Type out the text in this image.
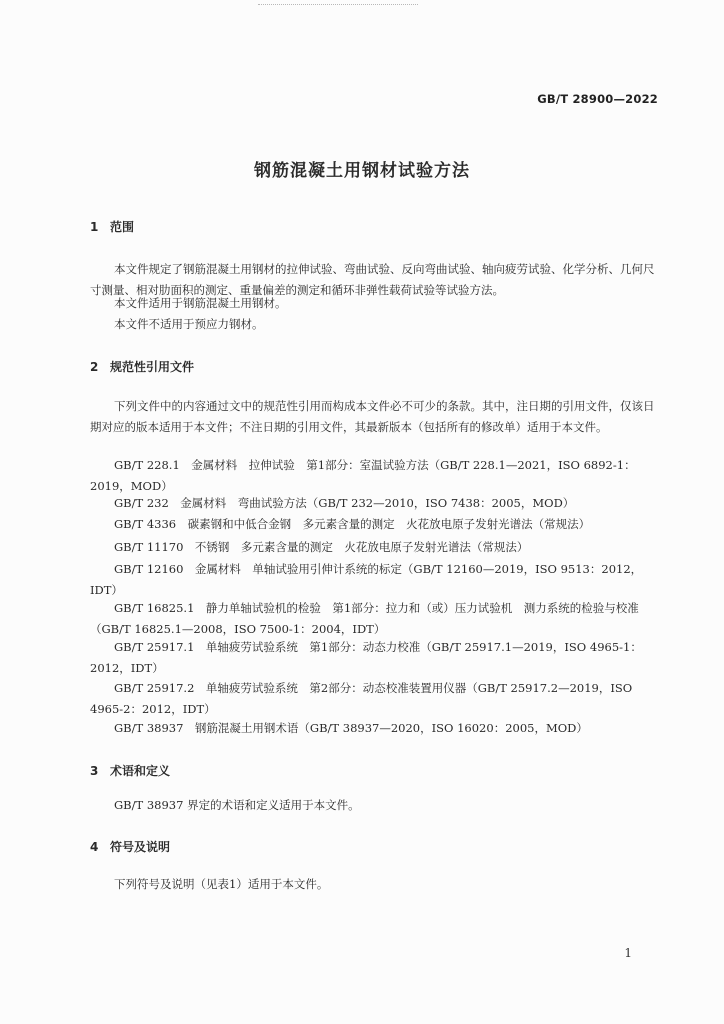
GB/T 28900—2022
钢筋混凝土用钢材试验方法
1 范围

本文件规定了钢筋混凝土用钢材的拉伸试验、弯曲试验、反向弯曲试验、轴向疲劳试验、化学分析、几何尺寸测量、相对肋面积的测定、重量偏差的测定和循环非弹性载荷试验等试验方法。

本文件适用于钢筋混凝土用钢材。

本文件不适用于预应力钢材。

2 规范性引用文件

下列文件中的内容通过文中的规范性引用而构成本文件必不可少的条款。其中，注日期的引用文件，仅该日期对应的版本适用于本文件；不注日期的引用文件，其最新版本（包括所有的修改单）适用于本文件。

GB/T 228.1　金属材料　拉伸试验　第1部分：室温试验方法（GB/T 228.1—2021，ISO 6892-1：2019，MOD）

GB/T 232　金属材料　弯曲试验方法（GB/T 232—2010，ISO 7438：2005，MOD）

GB/T 4336　碳素钢和中低合金钢　多元素含量的测定　火花放电原子发射光谱法（常规法）

GB/T 11170　不锈钢　多元素含量的测定　火花放电原子发射光谱法（常规法）

GB/T 12160　金属材料　单轴试验用引伸计系统的标定（GB/T 12160—2019，ISO 9513：2012，IDT）

GB/T 16825.1　静力单轴试验机的检验　第1部分：拉力和（或）压力试验机　测力系统的检验与校准（GB/T 16825.1—2008，ISO 7500-1：2004，IDT）

GB/T 25917.1　单轴疲劳试验系统　第1部分：动态力校准（GB/T 25917.1—2019，ISO 4965-1：2012，IDT）

GB/T 25917.2　单轴疲劳试验系统　第2部分：动态校准装置用仪器（GB/T 25917.2—2019，ISO 4965-2：2012，IDT）

GB/T 38937　钢筋混凝土用钢术语（GB/T 38937—2020，ISO 16020：2005，MOD）

3 术语和定义

GB/T 38937 界定的术语和定义适用于本文件。

4 符号及说明

下列符号及说明（见表1）适用于本文件。

1
